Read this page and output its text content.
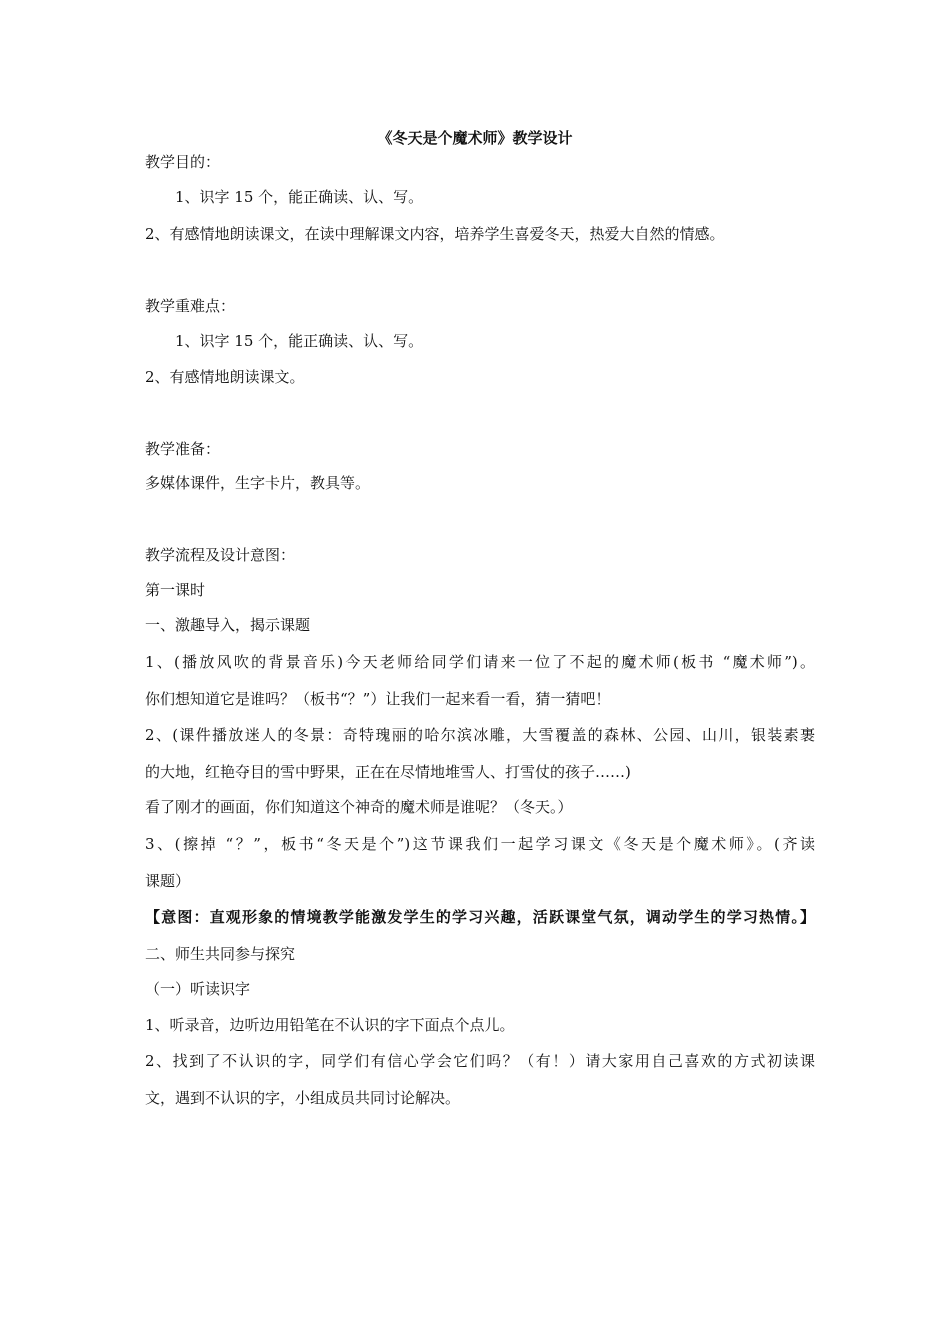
《冬天是个魔术师》教学设计
教学目的：
1、识字 15 个，能正确读、认、写。
2、有感情地朗读课文，在读中理解课文内容，培养学生喜爱冬天，热爱大自然的情感。
教学重难点：
1、识字 15 个，能正确读、认、写。
2、有感情地朗读课文。
教学准备：
多媒体课件，生字卡片，教具等。
教学流程及设计意图：
第一课时
一、激趣导入，揭示课题
1、(播放风吹的背景音乐)今天老师给同学们请来一位了不起的魔术师(板书 “魔术师”)。
你们想知道它是谁吗？（板书“？”）让我们一起来看一看，猜一猜吧！
2、(课件播放迷人的冬景：奇特瑰丽的哈尔滨冰雕，大雪覆盖的森林、公园、山川，银装素裹
的大地，红艳夺目的雪中野果，正在在尽情地堆雪人、打雪仗的孩子……)
看了刚才的画面，你们知道这个神奇的魔术师是谁呢？（冬天。）
3、(擦掉 “？”，板书“冬天是个”)这节课我们一起学习课文《冬天是个魔术师》。(齐读
课题）
【意图：直观形象的情境教学能激发学生的学习兴趣，活跃课堂气氛，调动学生的学习热情。】
二、师生共同参与探究
（一）听读识字
1、听录音，边听边用铅笔在不认识的字下面点个点儿。
2、找到了不认识的字，同学们有信心学会它们吗？（有！）请大家用自己喜欢的方式初读课
文，遇到不认识的字，小组成员共同讨论解决。
